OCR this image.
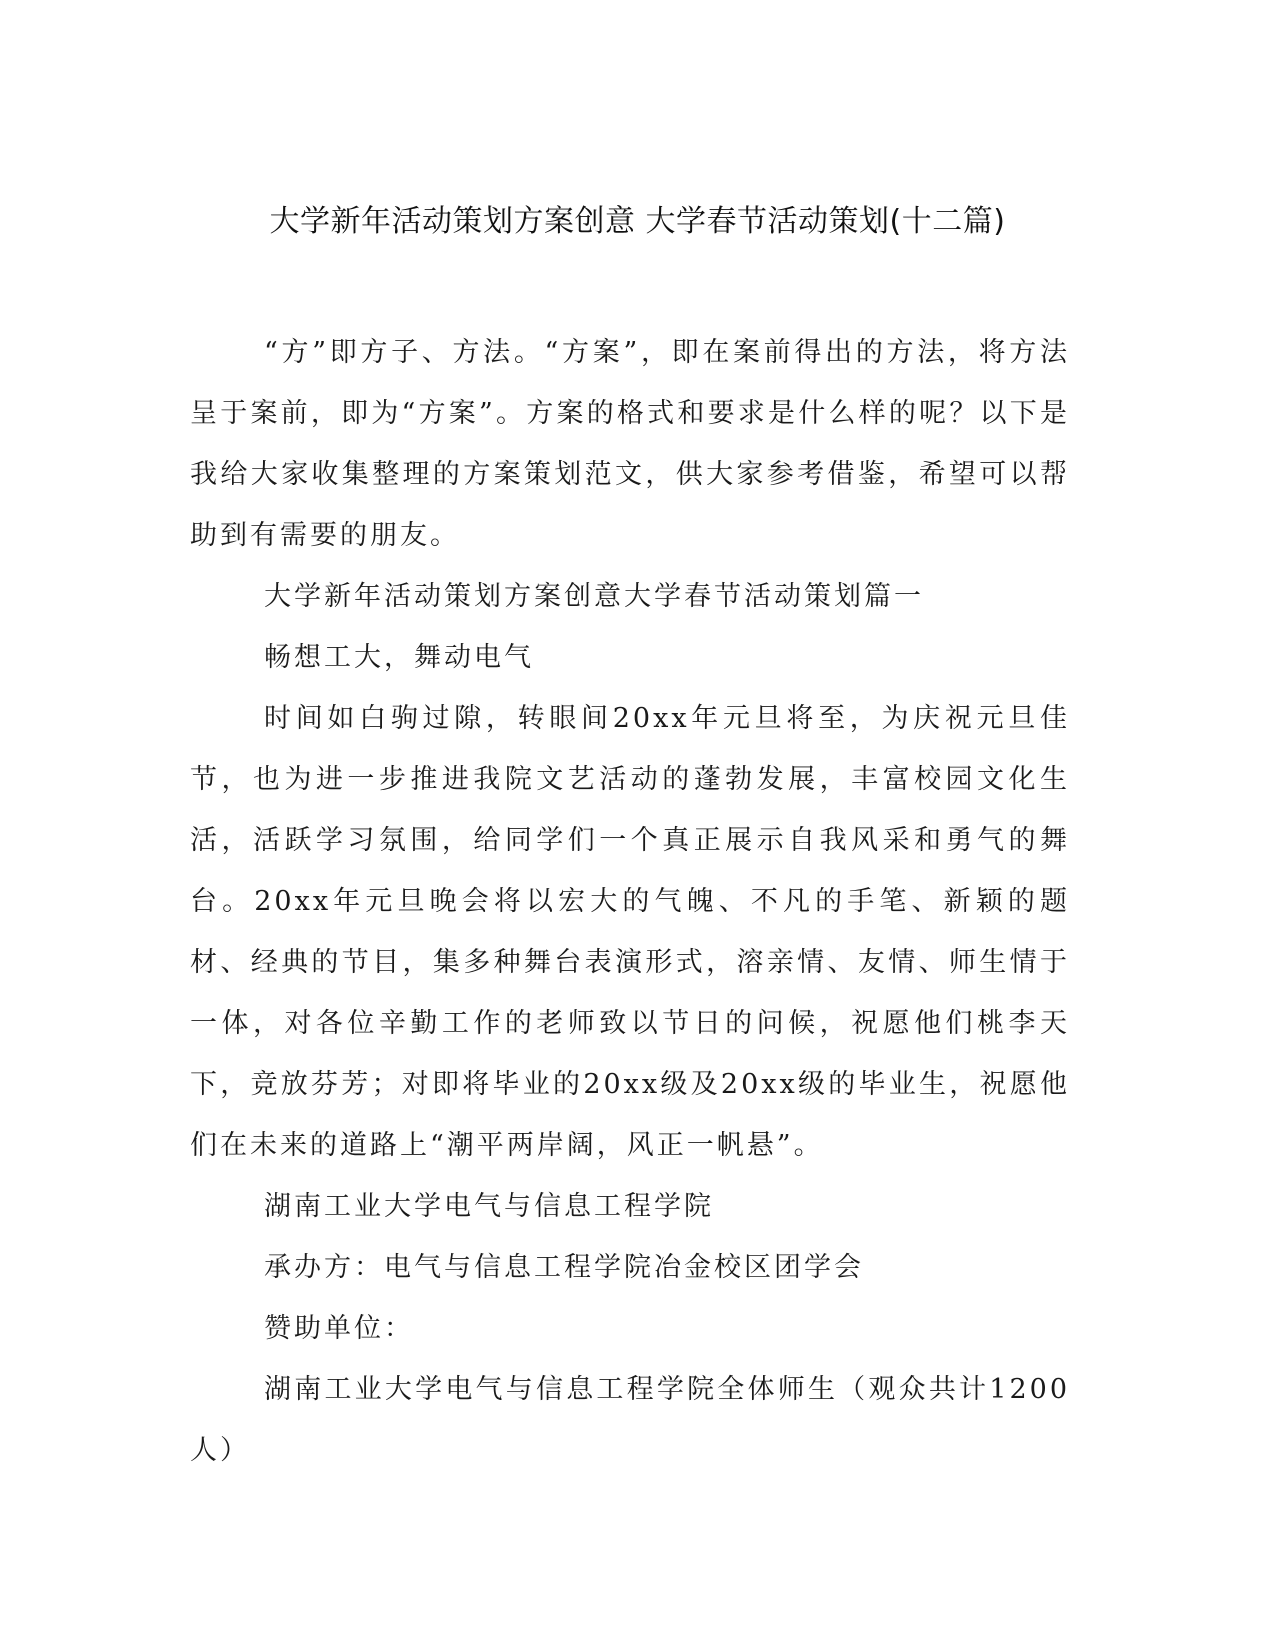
大学新年活动策划方案创意 大学春节活动策划(十二篇)

“方”即方子、方法。“方案”，即在案前得出的方法，将方法呈于案前，即为“方案”。方案的格式和要求是什么样的呢？以下是我给大家收集整理的方案策划范文，供大家参考借鉴，希望可以帮助到有需要的朋友。

大学新年活动策划方案创意大学春节活动策划篇一

畅想工大，舞动电气

时间如白驹过隙，转眼间20xx年元旦将至，为庆祝元旦佳节，也为进一步推进我院文艺活动的蓬勃发展，丰富校园文化生活，活跃学习氛围，给同学们一个真正展示自我风采和勇气的舞台。20xx年元旦晚会将以宏大的气魄、不凡的手笔、新颖的题材、经典的节目，集多种舞台表演形式，溶亲情、友情、师生情于一体，对各位辛勤工作的老师致以节日的问候，祝愿他们桃李天下，竞放芬芳；对即将毕业的20xx级及20xx级的毕业生，祝愿他们在未来的道路上“潮平两岸阔，风正一帆悬”。

湖南工业大学电气与信息工程学院

承办方：电气与信息工程学院冶金校区团学会

赞助单位：

湖南工业大学电气与信息工程学院全体师生（观众共计1200人）
